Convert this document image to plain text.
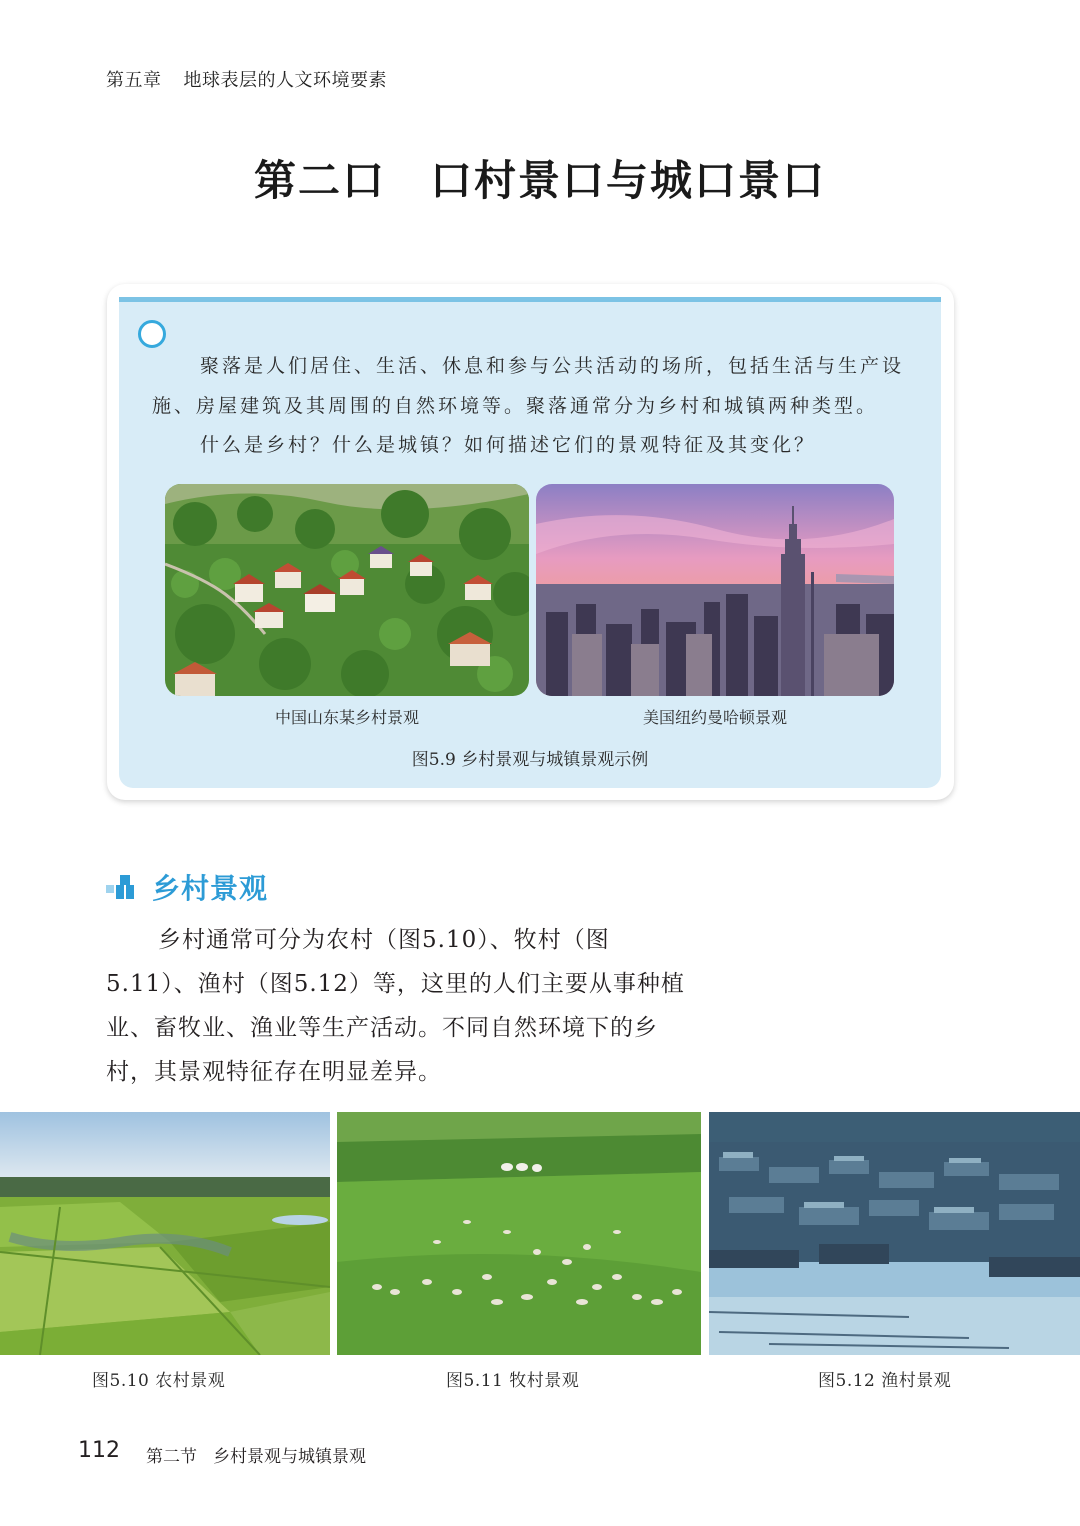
第五章 地球表层的人文环境要素
第二口　口村景口与城口景口
聚落是人们居住、生活、休息和参与公共活动的场所，包括生活与生产设
施、房屋建筑及其周围的自然环境等。聚落通常分为乡村和城镇两种类型。
什么是乡村？什么是城镇？如何描述它们的景观特征及其变化？
中国山东某乡村景观	美国纽约曼哈顿景观
图5.9 乡村景观与城镇景观示例
乡村景观

乡村通常可分为农村（图5.10）、牧村（图5.11）、渔村（图5.12）等，这里的人们主要从事种植业、畜牧业、渔业等生产活动。不同自然环境下的乡村，其景观特征存在明显差异。

图5.10 农村景观	图5.11 牧村景观	图5.12 渔村景观
112 第二节 乡村景观与城镇景观
